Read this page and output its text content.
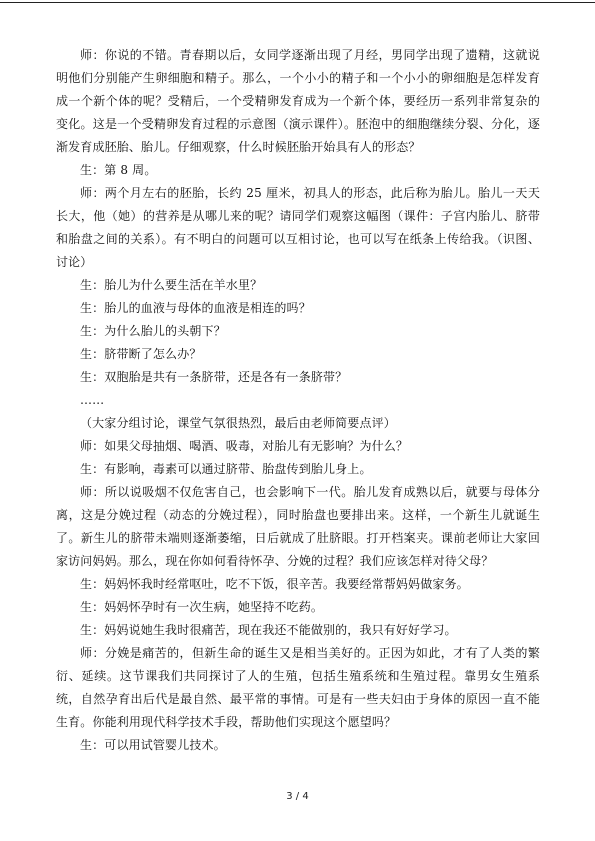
师：你说的不错。青春期以后，女同学逐渐出现了月经，男同学出现了遗精，这就说明他们分别能产生卵细胞和精子。那么，一个小小的精子和一个小小的卵细胞是怎样发育成一个新个体的呢？受精后，一个受精卵发育成为一个新个体，要经历一系列非常复杂的变化。这是一个受精卵发育过程的示意图（演示课件）。胚泡中的细胞继续分裂、分化，逐渐发育成胚胎、胎儿。仔细观察，什么时候胚胎开始具有人的形态？

生：第 8 周。

师：两个月左右的胚胎，长约 25 厘米，初具人的形态，此后称为胎儿。胎儿一天天长大，他（她）的营养是从哪儿来的呢？请同学们观察这幅图（课件：子宫内胎儿、脐带和胎盘之间的关系）。有不明白的问题可以互相讨论，也可以写在纸条上传给我。（识图、讨论）

生：胎儿为什么要生活在羊水里？

生：胎儿的血液与母体的血液是相连的吗？

生：为什么胎儿的头朝下？

生：脐带断了怎么办？

生：双胞胎是共有一条脐带，还是各有一条脐带？

……

（大家分组讨论，课堂气氛很热烈，最后由老师简要点评）

师：如果父母抽烟、喝酒、吸毒，对胎儿有无影响？为什么？

生：有影响，毒素可以通过脐带、胎盘传到胎儿身上。

师：所以说吸烟不仅危害自己，也会影响下一代。胎儿发育成熟以后，就要与母体分离，这是分娩过程（动态的分娩过程），同时胎盘也要排出来。这样，一个新生儿就诞生了。新生儿的脐带未端则逐渐萎缩，日后就成了肚脐眼。打开档案夹。课前老师让大家回家访问妈妈。那么，现在你如何看待怀孕、分娩的过程？我们应该怎样对待父母？

生：妈妈怀我时经常呕吐，吃不下饭，很辛苦。我要经常帮妈妈做家务。

生：妈妈怀孕时有一次生病，她坚持不吃药。

生：妈妈说她生我时很痛苦，现在我还不能做别的，我只有好好学习。

师：分娩是痛苦的，但新生命的诞生又是相当美好的。正因为如此，才有了人类的繁衍、延续。这节课我们共同探讨了人的生殖，包括生殖系统和生殖过程。靠男女生殖系统，自然孕育出后代是最自然、最平常的事情。可是有一些夫妇由于身体的原因一直不能生育。你能利用现代科学技术手段，帮助他们实现这个愿望吗？

生：可以用试管婴儿技术。

3 / 4
